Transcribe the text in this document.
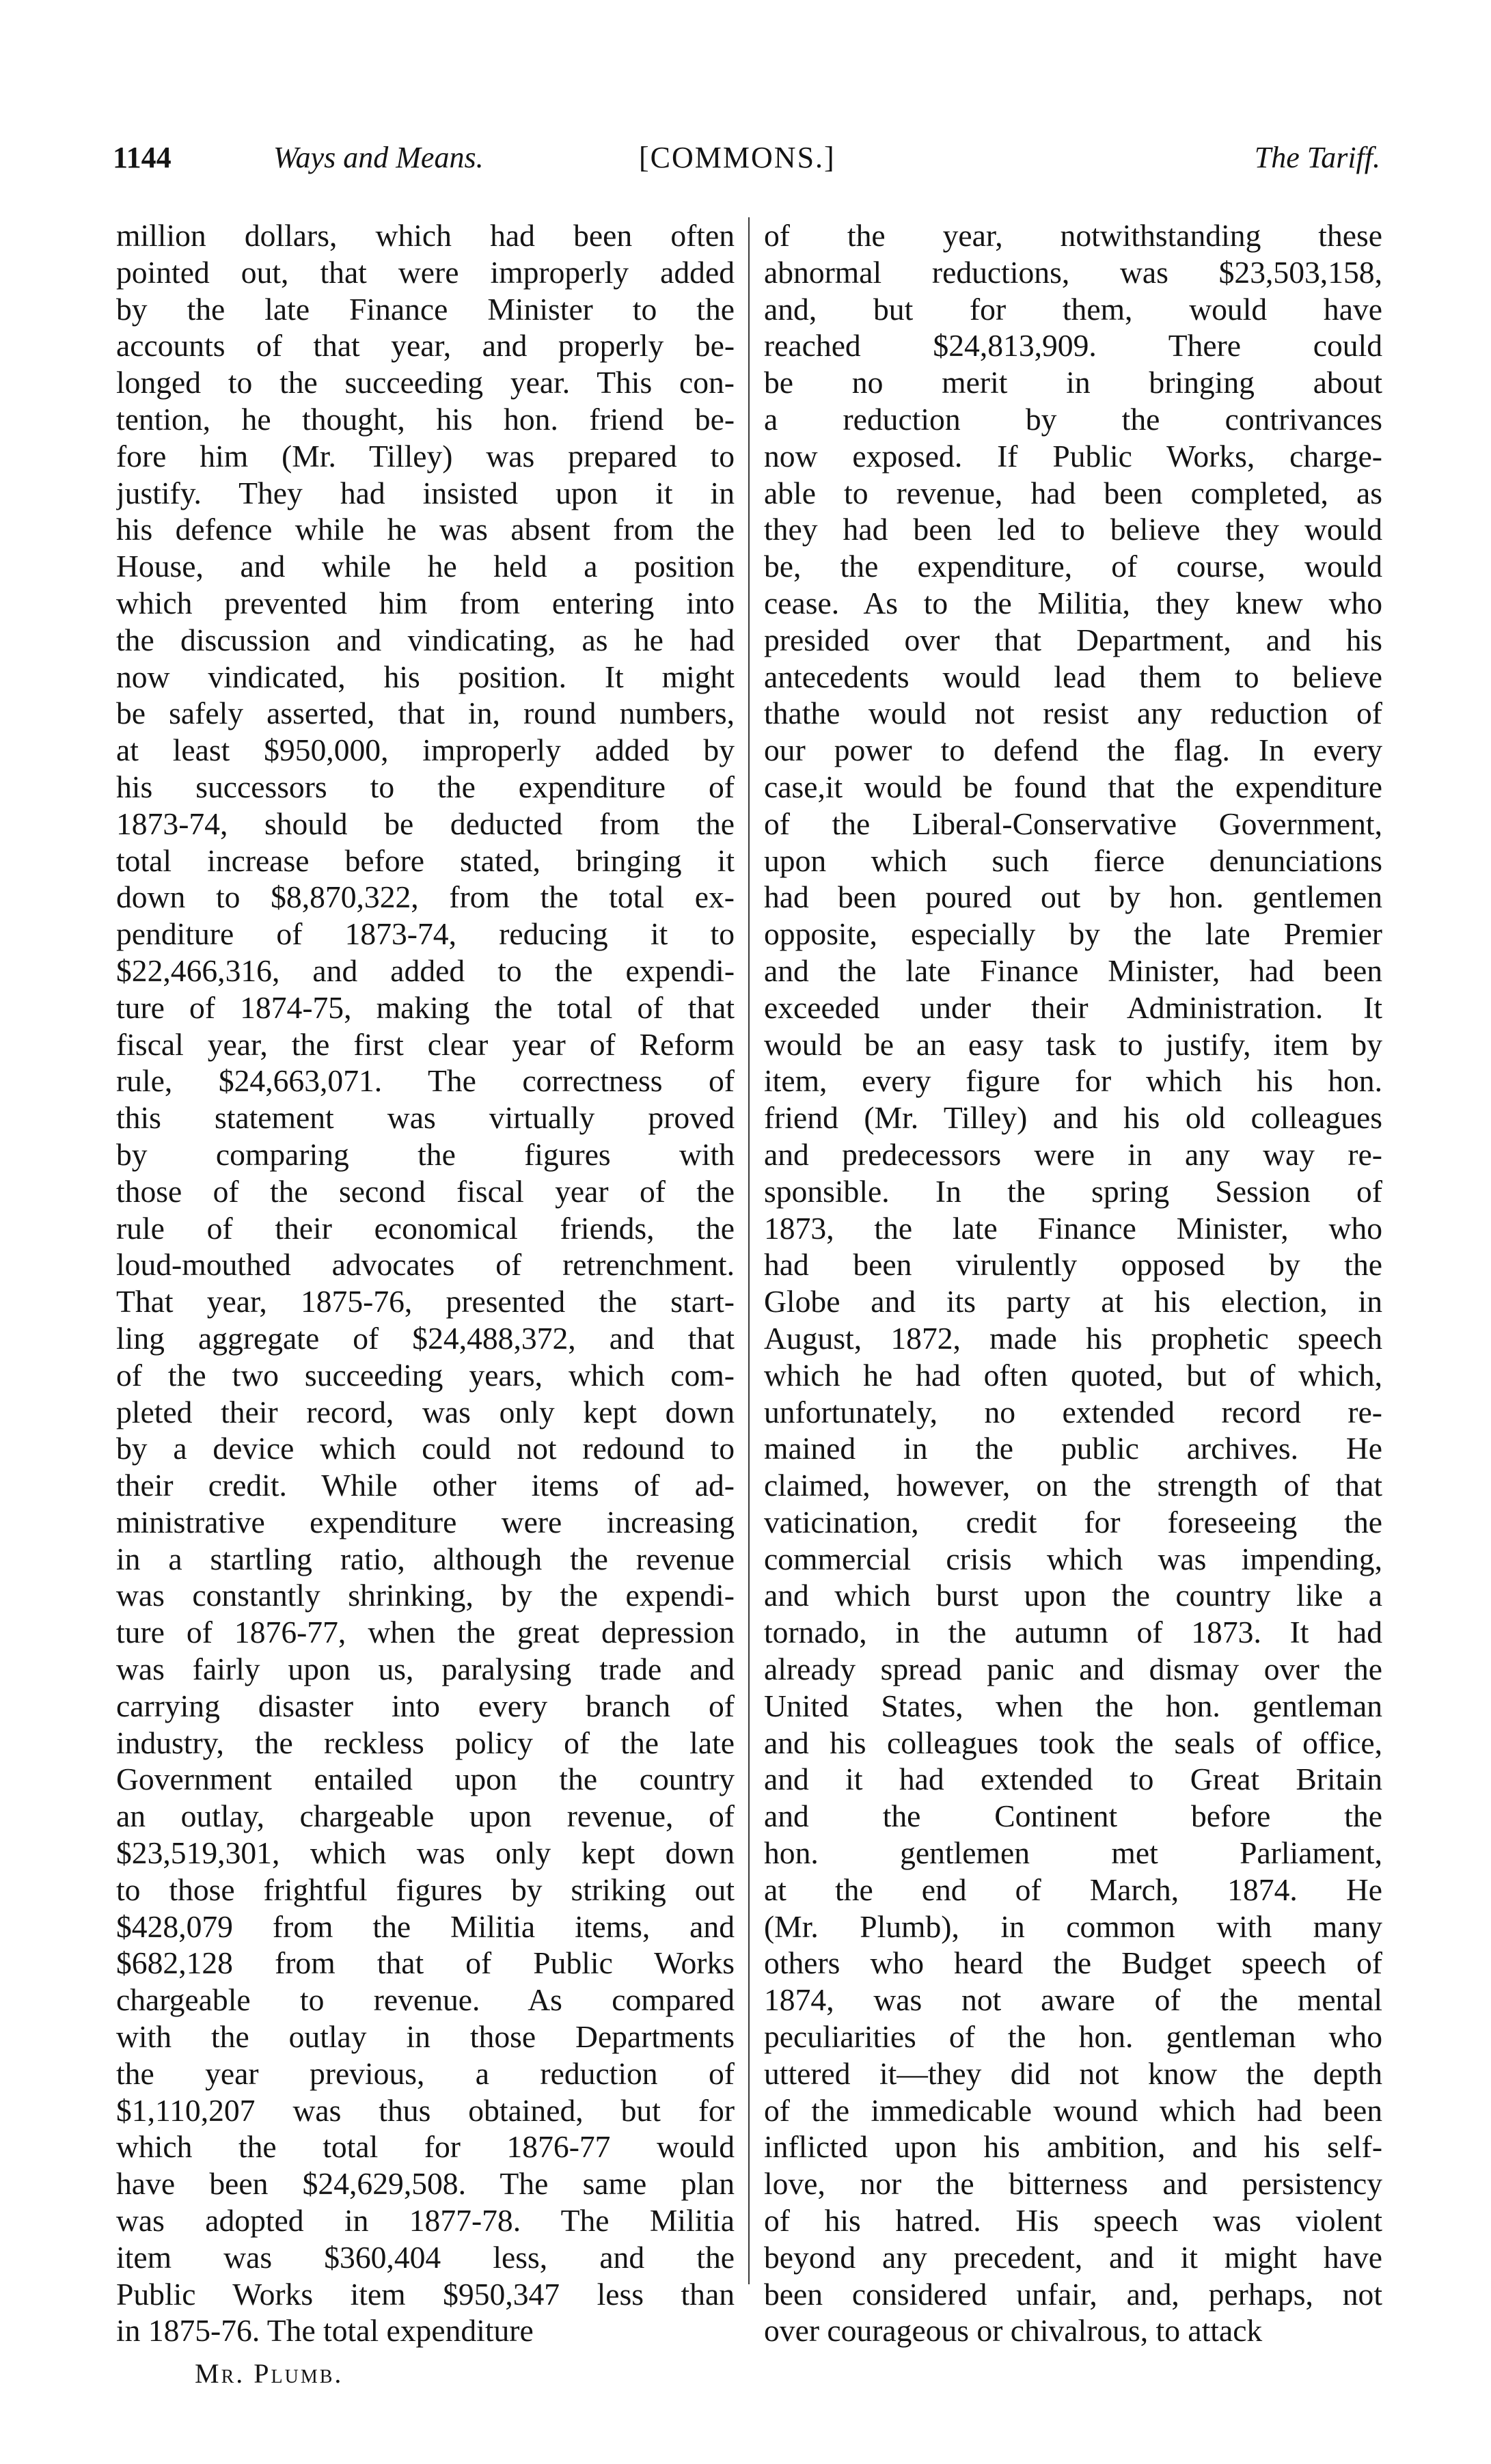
1144	Ways and Means.	[COMMONS.]	The Tariff.
million dollars, which had been often
pointed out, that were improperly added
by the late Finance Minister to the
accounts of that year, and properly be-
longed to the succeeding year. This con-
tention, he thought, his hon. friend be-
fore him (Mr. Tilley) was prepared to
justify. They had insisted upon it in
his defence while he was absent from the
House, and while he held a position
which prevented him from entering into
the discussion and vindicating, as he had
now vindicated, his position. It might
be safely asserted, that in, round numbers,
at least $950,000, improperly added by
his successors to the expenditure of
1873-74, should be deducted from the
total increase before stated, bringing it
down to $8,870,322, from the total ex-
penditure of 1873-74, reducing it to
$22,466,316, and added to the expendi-
ture of 1874-75, making the total of that
fiscal year, the first clear year of Reform
rule, $24,663,071. The correctness of
this statement was virtually proved
by comparing the figures with
those of the second fiscal year of the
rule of their economical friends, the
loud-mouthed advocates of retrenchment.
That year, 1875-76, presented the start-
ling aggregate of $24,488,372, and that
of the two succeeding years, which com-
pleted their record, was only kept down
by a device which could not redound to
their credit. While other items of ad-
ministrative expenditure were increasing
in a startling ratio, although the revenue
was constantly shrinking, by the expendi-
ture of 1876-77, when the great depression
was fairly upon us, paralysing trade and
carrying disaster into every branch of
industry, the reckless policy of the late
Government entailed upon the country
an outlay, chargeable upon revenue, of
$23,519,301, which was only kept down
to those frightful figures by striking out
$428,079 from the Militia items, and
$682,128 from that of Public Works
chargeable to revenue. As compared
with the outlay in those Departments
the year previous, a reduction of
$1,110,207 was thus obtained, but for
which the total for 1876-77 would
have been $24,629,508. The same plan
was adopted in 1877-78. The Militia
item was $360,404 less, and the
Public Works item $950,347 less than
in 1875-76. The total expenditure
of the year, notwithstanding these
abnormal reductions, was $23,503,158,
and, but for them, would have
reached $24,813,909. There could
be no merit in bringing about
a reduction by the contrivances
now exposed. If Public Works, charge-
able to revenue, had been completed, as
they had been led to believe they would
be, the expenditure, of course, would
cease. As to the Militia, they knew who
presided over that Department, and his
antecedents would lead them to believe
thathe would not resist any reduction of
our power to defend the flag. In every
case,it would be found that the expenditure
of the Liberal-Conservative Government,
upon which such fierce denunciations
had been poured out by hon. gentlemen
opposite, especially by the late Premier
and the late Finance Minister, had been
exceeded under their Administration. It
would be an easy task to justify, item by
item, every figure for which his hon.
friend (Mr. Tilley) and his old colleagues
and predecessors were in any way re-
sponsible. In the spring Session of
1873, the late Finance Minister, who
had been virulently opposed by the
Globe and its party at his election, in
August, 1872, made his prophetic speech
which he had often quoted, but of which,
unfortunately, no extended record re-
mained in the public archives. He
claimed, however, on the strength of that
vaticination, credit for foreseeing the
commercial crisis which was impending,
and which burst upon the country like a
tornado, in the autumn of 1873. It had
already spread panic and dismay over the
United States, when the hon. gentleman
and his colleagues took the seals of office,
and it had extended to Great Britain
and the Continent before the
hon. gentlemen met Parliament,
at the end of March, 1874. He
(Mr. Plumb), in common with many
others who heard the Budget speech of
1874, was not aware of the mental
peculiarities of the hon. gentleman who
uttered it—they did not know the depth
of the immedicable wound which had been
inflicted upon his ambition, and his self-
love, nor the bitterness and persistency
of his hatred. His speech was violent
beyond any precedent, and it might have
been considered unfair, and, perhaps, not
over courageous or chivalrous, to attack
Mr. Plumb.
